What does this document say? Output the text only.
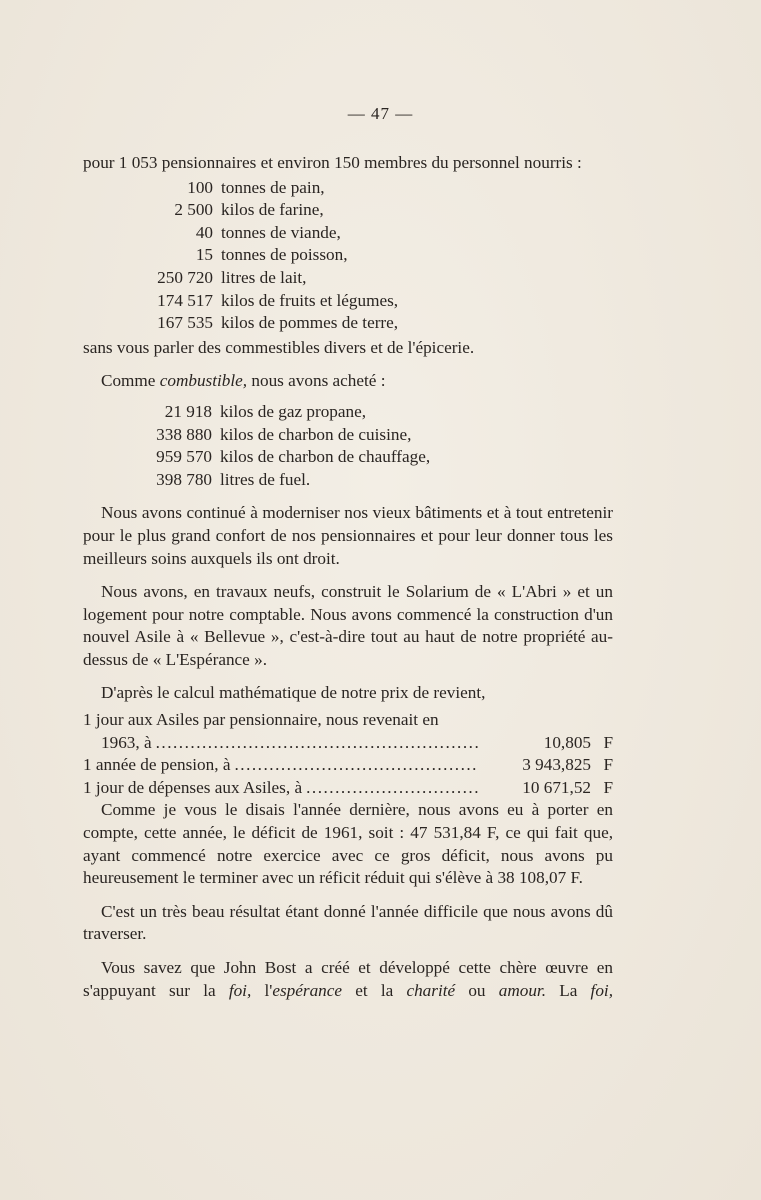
— 47 —

pour 1 053 pensionnaires et environ 150 membres du personnel nourris :

100 tonnes de pain,
2 500 kilos de farine,
40 tonnes de viande,
15 tonnes de poisson,
250 720 litres de lait,
174 517 kilos de fruits et légumes,
167 535 kilos de pommes de terre,

sans vous parler des commestibles divers et de l'épicerie.

Comme combustible, nous avons acheté :

21 918 kilos de gaz propane,
338 880 kilos de charbon de cuisine,
959 570 kilos de charbon de chauffage,
398 780 litres de fuel.

Nous avons continué à moderniser nos vieux bâtiments et à tout entretenir pour le plus grand confort de nos pensionnaires et pour leur donner tous les meilleurs soins auxquels ils ont droit.

Nous avons, en travaux neufs, construit le Solarium de « L'Abri » et un logement pour notre comptable. Nous avons commencé la construction d'un nouvel Asile à « Bellevue », c'est-à-dire tout au haut de notre propriété au-dessus de « L'Espérance ».

D'après le calcul mathématique de notre prix de revient,

1 jour aux Asiles par pensionnaire, nous revenait en
1963, à .....	10,805 F
1 année de pension, à .....	3 943,825 F
1 jour de dépenses aux Asiles, à .....	10 671,52 F

Comme je vous le disais l'année dernière, nous avons eu à porter en compte, cette année, le déficit de 1961, soit : 47 531,84 F, ce qui fait que, ayant commencé notre exercice avec ce gros déficit, nous avons pu heureusement le terminer avec un réficit réduit qui s'élève à 38 108,07 F.

C'est un très beau résultat étant donné l'année difficile que nous avons dû traverser.

Vous savez que John Bost a créé et développé cette chère œuvre en s'appuyant sur la foi, l'espérance et la charité ou amour. La foi,
